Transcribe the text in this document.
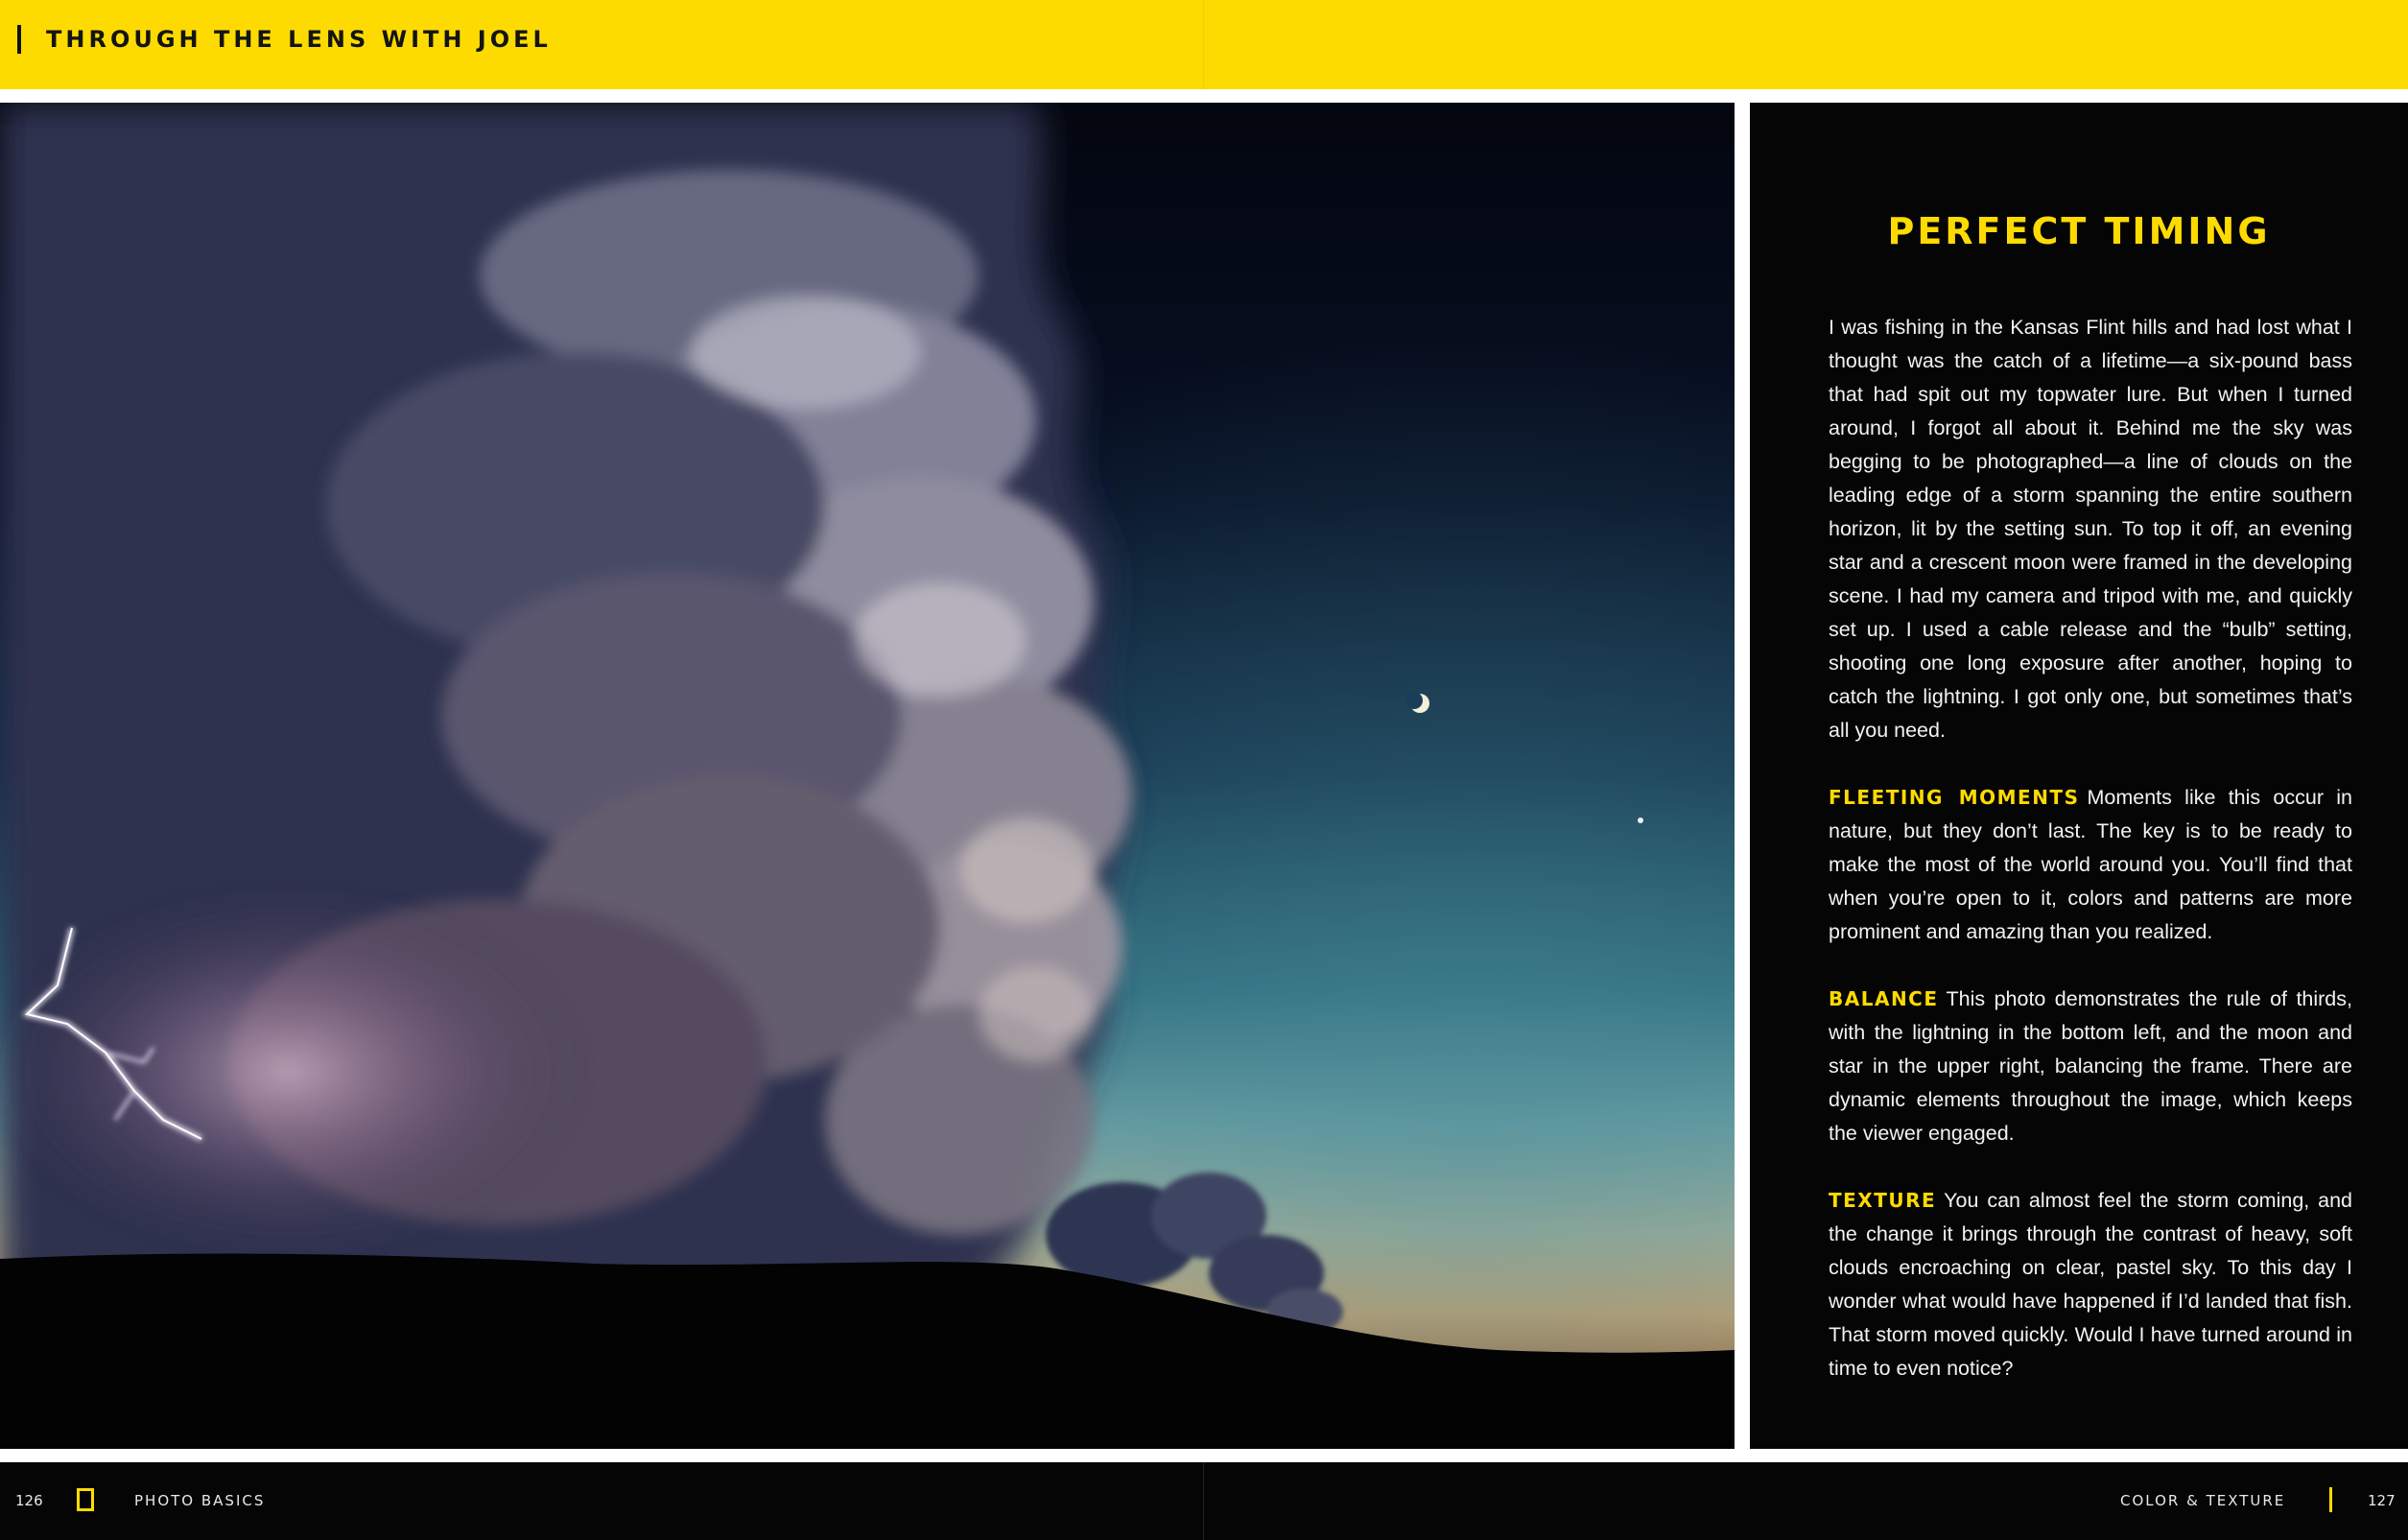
THROUGH THE LENS WITH JOEL
PERFECT TIMING

I was fishing in the Kansas Flint hills and had lost what I thought was the catch of a lifetime—a six-pound bass that had spit out my topwater lure. But when I turned around, I forgot all about it. Behind me the sky was begging to be photographed—a line of clouds on the leading edge of a storm spanning the entire southern horizon, lit by the setting sun. To top it off, an evening star and a crescent moon were framed in the developing scene. I had my camera and tripod with me, and quickly set up. I used a cable release and the “bulb” setting, shooting one long exposure after another, hoping to catch the lightning. I got only one, but sometimes that’s all you need.

FLEETING MOMENTS Moments like this occur in nature, but they don’t last. The key is to be ready to make the most of the world around you. You’ll find that when you’re open to it, colors and patterns are more prominent and amazing than you realized.

BALANCE This photo demonstrates the rule of thirds, with the lightning in the bottom left, and the moon and star in the upper right, balancing the frame. There are dynamic elements throughout the image, which keeps the viewer engaged.

TEXTURE You can almost feel the storm coming, and the change it brings through the contrast of heavy, soft clouds encroaching on clear, pastel sky. To this day I wonder what would have happened if I’d landed that fish. That storm moved quickly. Would I have turned around in time to even notice?

126	PHOTO BASICS	COLOR & TEXTURE	127
